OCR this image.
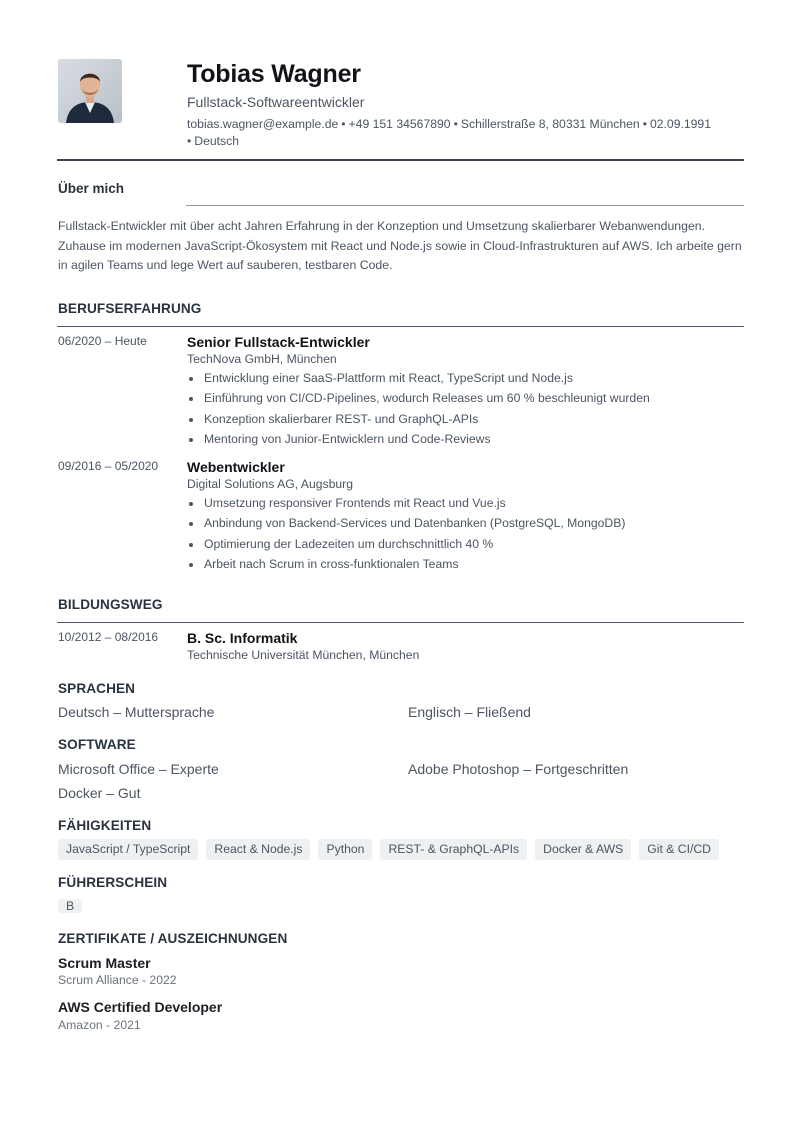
Tobias Wagner
Fullstack-Softwareentwickler
tobias.wagner@example.de • +49 151 34567890 • Schillerstraße 8, 80331 München • 02.09.1991
• Deutsch
Über mich
Fullstack-Entwickler mit über acht Jahren Erfahrung in der Konzeption und Umsetzung skalierbarer Webanwendungen. Zuhause im modernen JavaScript-Ökosystem mit React und Node.js sowie in Cloud-Infrastrukturen auf AWS. Ich arbeite gern in agilen Teams und lege Wert auf sauberen, testbaren Code.
BERUFSERFAHRUNG
06/2020 – Heute	Senior Fullstack-Entwickler
TechNova GmbH, München
Entwicklung einer SaaS-Plattform mit React, TypeScript und Node.js
Einführung von CI/CD-Pipelines, wodurch Releases um 60 % beschleunigt wurden
Konzeption skalierbarer REST- und GraphQL-APIs
Mentoring von Junior-Entwicklern und Code-Reviews
09/2016 – 05/2020 Webentwickler
Digital Solutions AG, Augsburg
Umsetzung responsiver Frontends mit React und Vue.js
Anbindung von Backend-Services und Datenbanken (PostgreSQL, MongoDB)
Optimierung der Ladezeiten um durchschnittlich 40 %
Arbeit nach Scrum in cross-funktionalen Teams
BILDUNGSWEG
10/2012 – 08/2016 B. Sc. Informatik
Technische Universität München, München
SPRACHEN
Deutsch – Muttersprache	Englisch – Fließend
SOFTWARE
Microsoft Office – Experte	Adobe Photoshop – Fortgeschritten
Docker – Gut
FÄHIGKEITEN
JavaScript / TypeScript	React & Node.js	Python	REST- & GraphQL-APIs	Docker & AWS	Git & CI/CD
FÜHRERSCHEIN
B
ZERTIFIKATE / AUSZEICHNUNGEN
Scrum Master
Scrum Alliance - 2022
AWS Certified Developer
Amazon - 2021
